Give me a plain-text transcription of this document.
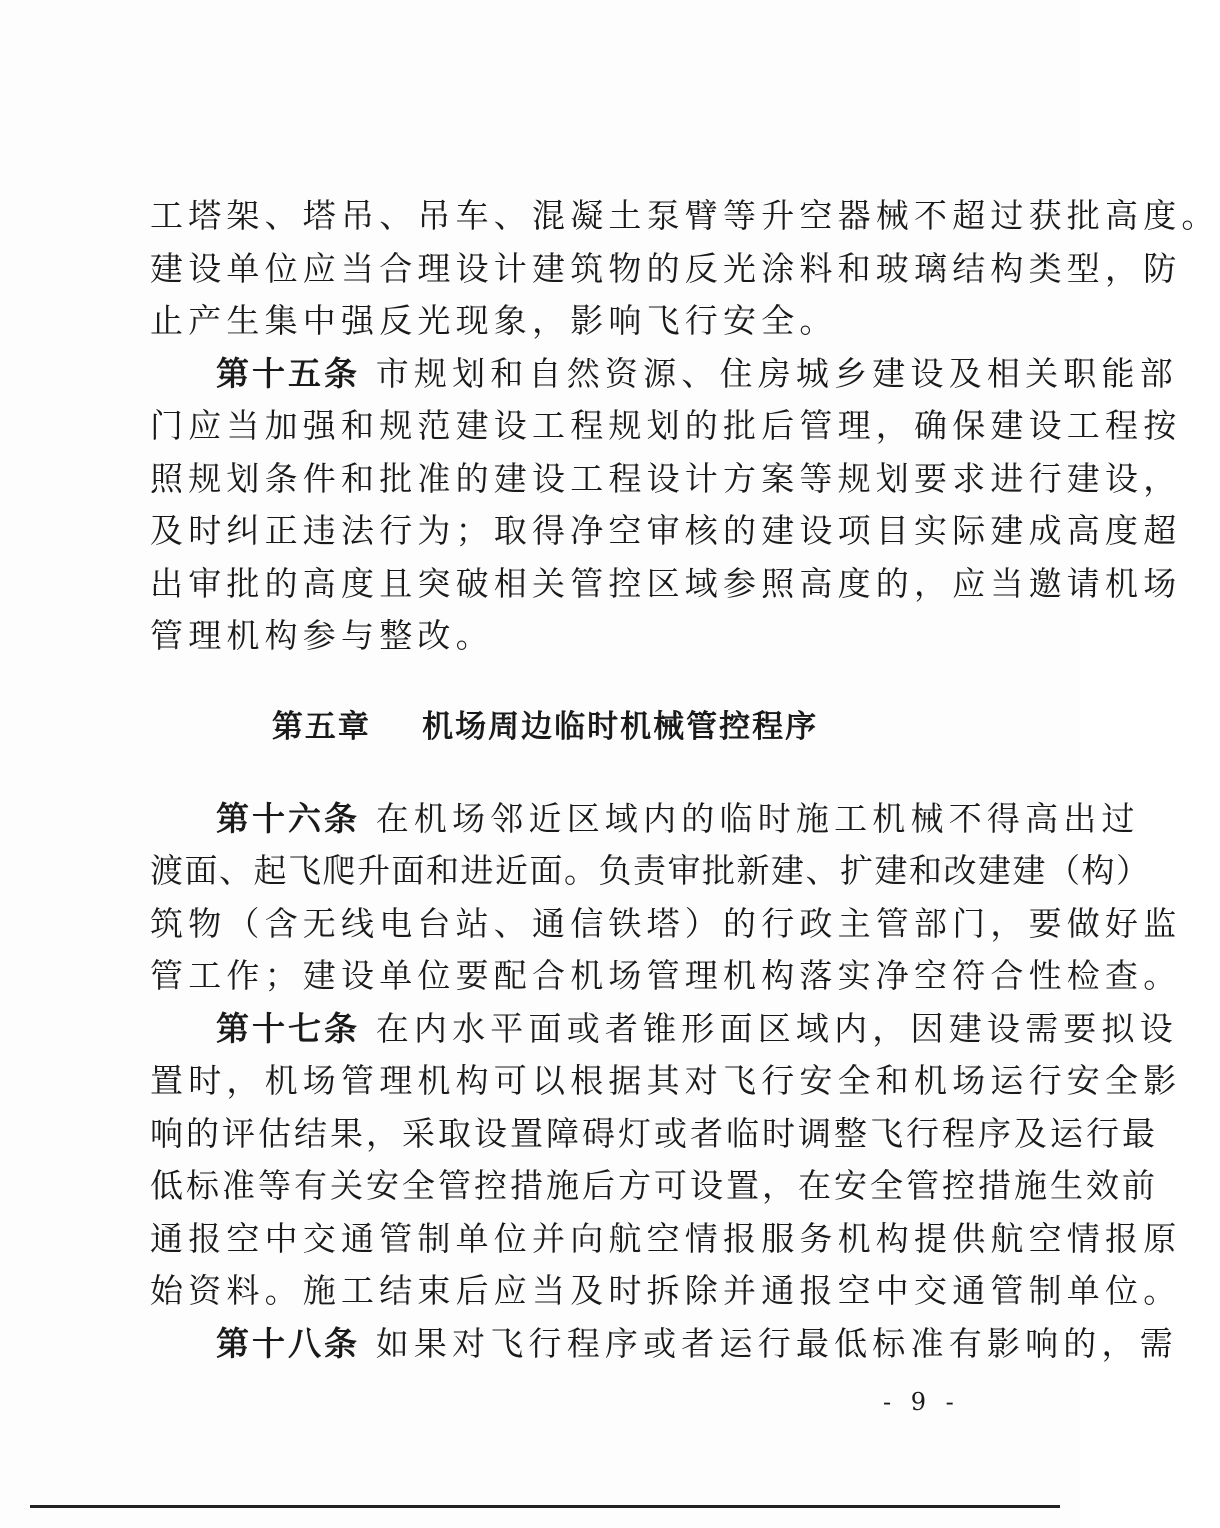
工塔架、塔吊、吊车、混凝土泵臂等升空器械不超过获批高度。
建设单位应当合理设计建筑物的反光涂料和玻璃结构类型，防
止产生集中强反光现象，影响飞行安全。
第十五条 市规划和自然资源、住房城乡建设及相关职能部
门应当加强和规范建设工程规划的批后管理，确保建设工程按
照规划条件和批准的建设工程设计方案等规划要求进行建设，
及时纠正违法行为；取得净空审核的建设项目实际建成高度超
出审批的高度且突破相关管控区域参照高度的，应当邀请机场
管理机构参与整改。
第五章 机场周边临时机械管控程序
第十六条 在机场邻近区域内的临时施工机械不得高出过
渡面、起飞爬升面和进近面。负责审批新建、扩建和改建建（构）
筑物（含无线电台站、通信铁塔）的行政主管部门，要做好监
管工作；建设单位要配合机场管理机构落实净空符合性检查。
第十七条 在内水平面或者锥形面区域内，因建设需要拟设
置时，机场管理机构可以根据其对飞行安全和机场运行安全影
响的评估结果，采取设置障碍灯或者临时调整飞行程序及运行最
低标准等有关安全管控措施后方可设置，在安全管控措施生效前
通报空中交通管制单位并向航空情报服务机构提供航空情报原
始资料。施工结束后应当及时拆除并通报空中交通管制单位。
第十八条 如果对飞行程序或者运行最低标准有影响的，需
- 9 -
